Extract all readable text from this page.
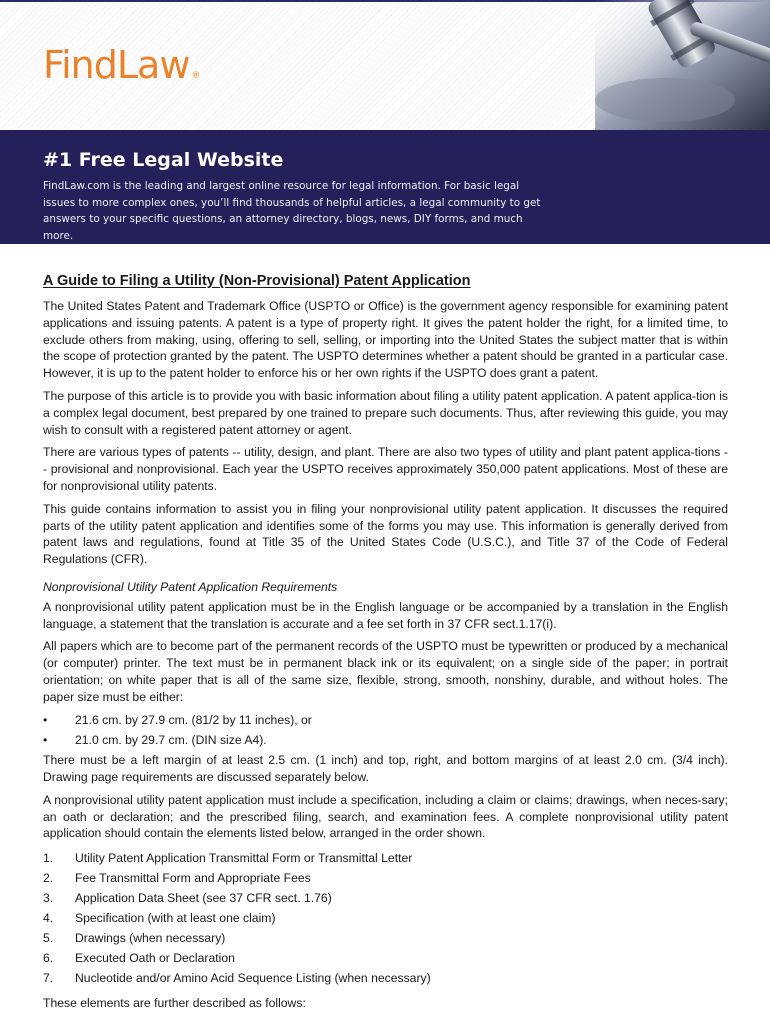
FindLaw ®
#1 Free Legal Website

FindLaw.com is the leading and largest online resource for legal information. For basic legal issues to more complex ones, you’ll find thousands of helpful articles, a legal community to get answers to your specific questions, an attorney directory, blogs, news, DIY forms, and much more.

A Guide to Filing a Utility (Non-Provisional) Patent Application

The United States Patent and Trademark Office (USPTO or Office) is the government agency responsible for examining patent applications and issuing patents. A patent is a type of property right. It gives the patent holder the right, for a limited time, to exclude others from making, using, offering to sell, selling, or importing into the United States the subject matter that is within the scope of protection granted by the patent. The USPTO determines whether a patent should be granted in a particular case. However, it is up to the patent holder to enforce his or her own rights if the USPTO does grant a patent.

The purpose of this article is to provide you with basic information about filing a utility patent application. A patent applica-tion is a complex legal document, best prepared by one trained to prepare such documents. Thus, after reviewing this guide, you may wish to consult with a registered patent attorney or agent.

There are various types of patents -- utility, design, and plant. There are also two types of utility and plant patent applica-tions -- provisional and nonprovisional. Each year the USPTO receives approximately 350,000 patent applications. Most of these are for nonprovisional utility patents.

This guide contains information to assist you in filing your nonprovisional utility patent application. It discusses the required parts of the utility patent application and identifies some of the forms you may use. This information is generally derived from patent laws and regulations, found at Title 35 of the United States Code (U.S.C.), and Title 37 of the Code of Federal Regulations (CFR).

Nonprovisional Utility Patent Application Requirements

A nonprovisional utility patent application must be in the English language or be accompanied by a translation in the English language, a statement that the translation is accurate and a fee set forth in 37 CFR sect.1.17(i).

All papers which are to become part of the permanent records of the USPTO must be typewritten or produced by a mechanical (or computer) printer. The text must be in permanent black ink or its equivalent; on a single side of the paper; in portrait orientation; on white paper that is all of the same size, flexible, strong, smooth, nonshiny, durable, and without holes. The paper size must be either:

•	21.6 cm. by 27.9 cm. (81/2 by 11 inches), or
•	21.0 cm. by 29.7 cm. (DIN size A4).

There must be a left margin of at least 2.5 cm. (1 inch) and top, right, and bottom margins of at least 2.0 cm. (3/4 inch). Drawing page requirements are discussed separately below.

A nonprovisional utility patent application must include a specification, including a claim or claims; drawings, when neces-sary; an oath or declaration; and the prescribed filing, search, and examination fees. A complete nonprovisional utility patent application should contain the elements listed below, arranged in the order shown.

1.	Utility Patent Application Transmittal Form or Transmittal Letter
2.	Fee Transmittal Form and Appropriate Fees
3.	Application Data Sheet (see 37 CFR sect. 1.76)
4.	Specification (with at least one claim)
5.	Drawings (when necessary)
6.	Executed Oath or Declaration
7.	Nucleotide and/or Amino Acid Sequence Listing (when necessary)

These elements are further described as follows:
